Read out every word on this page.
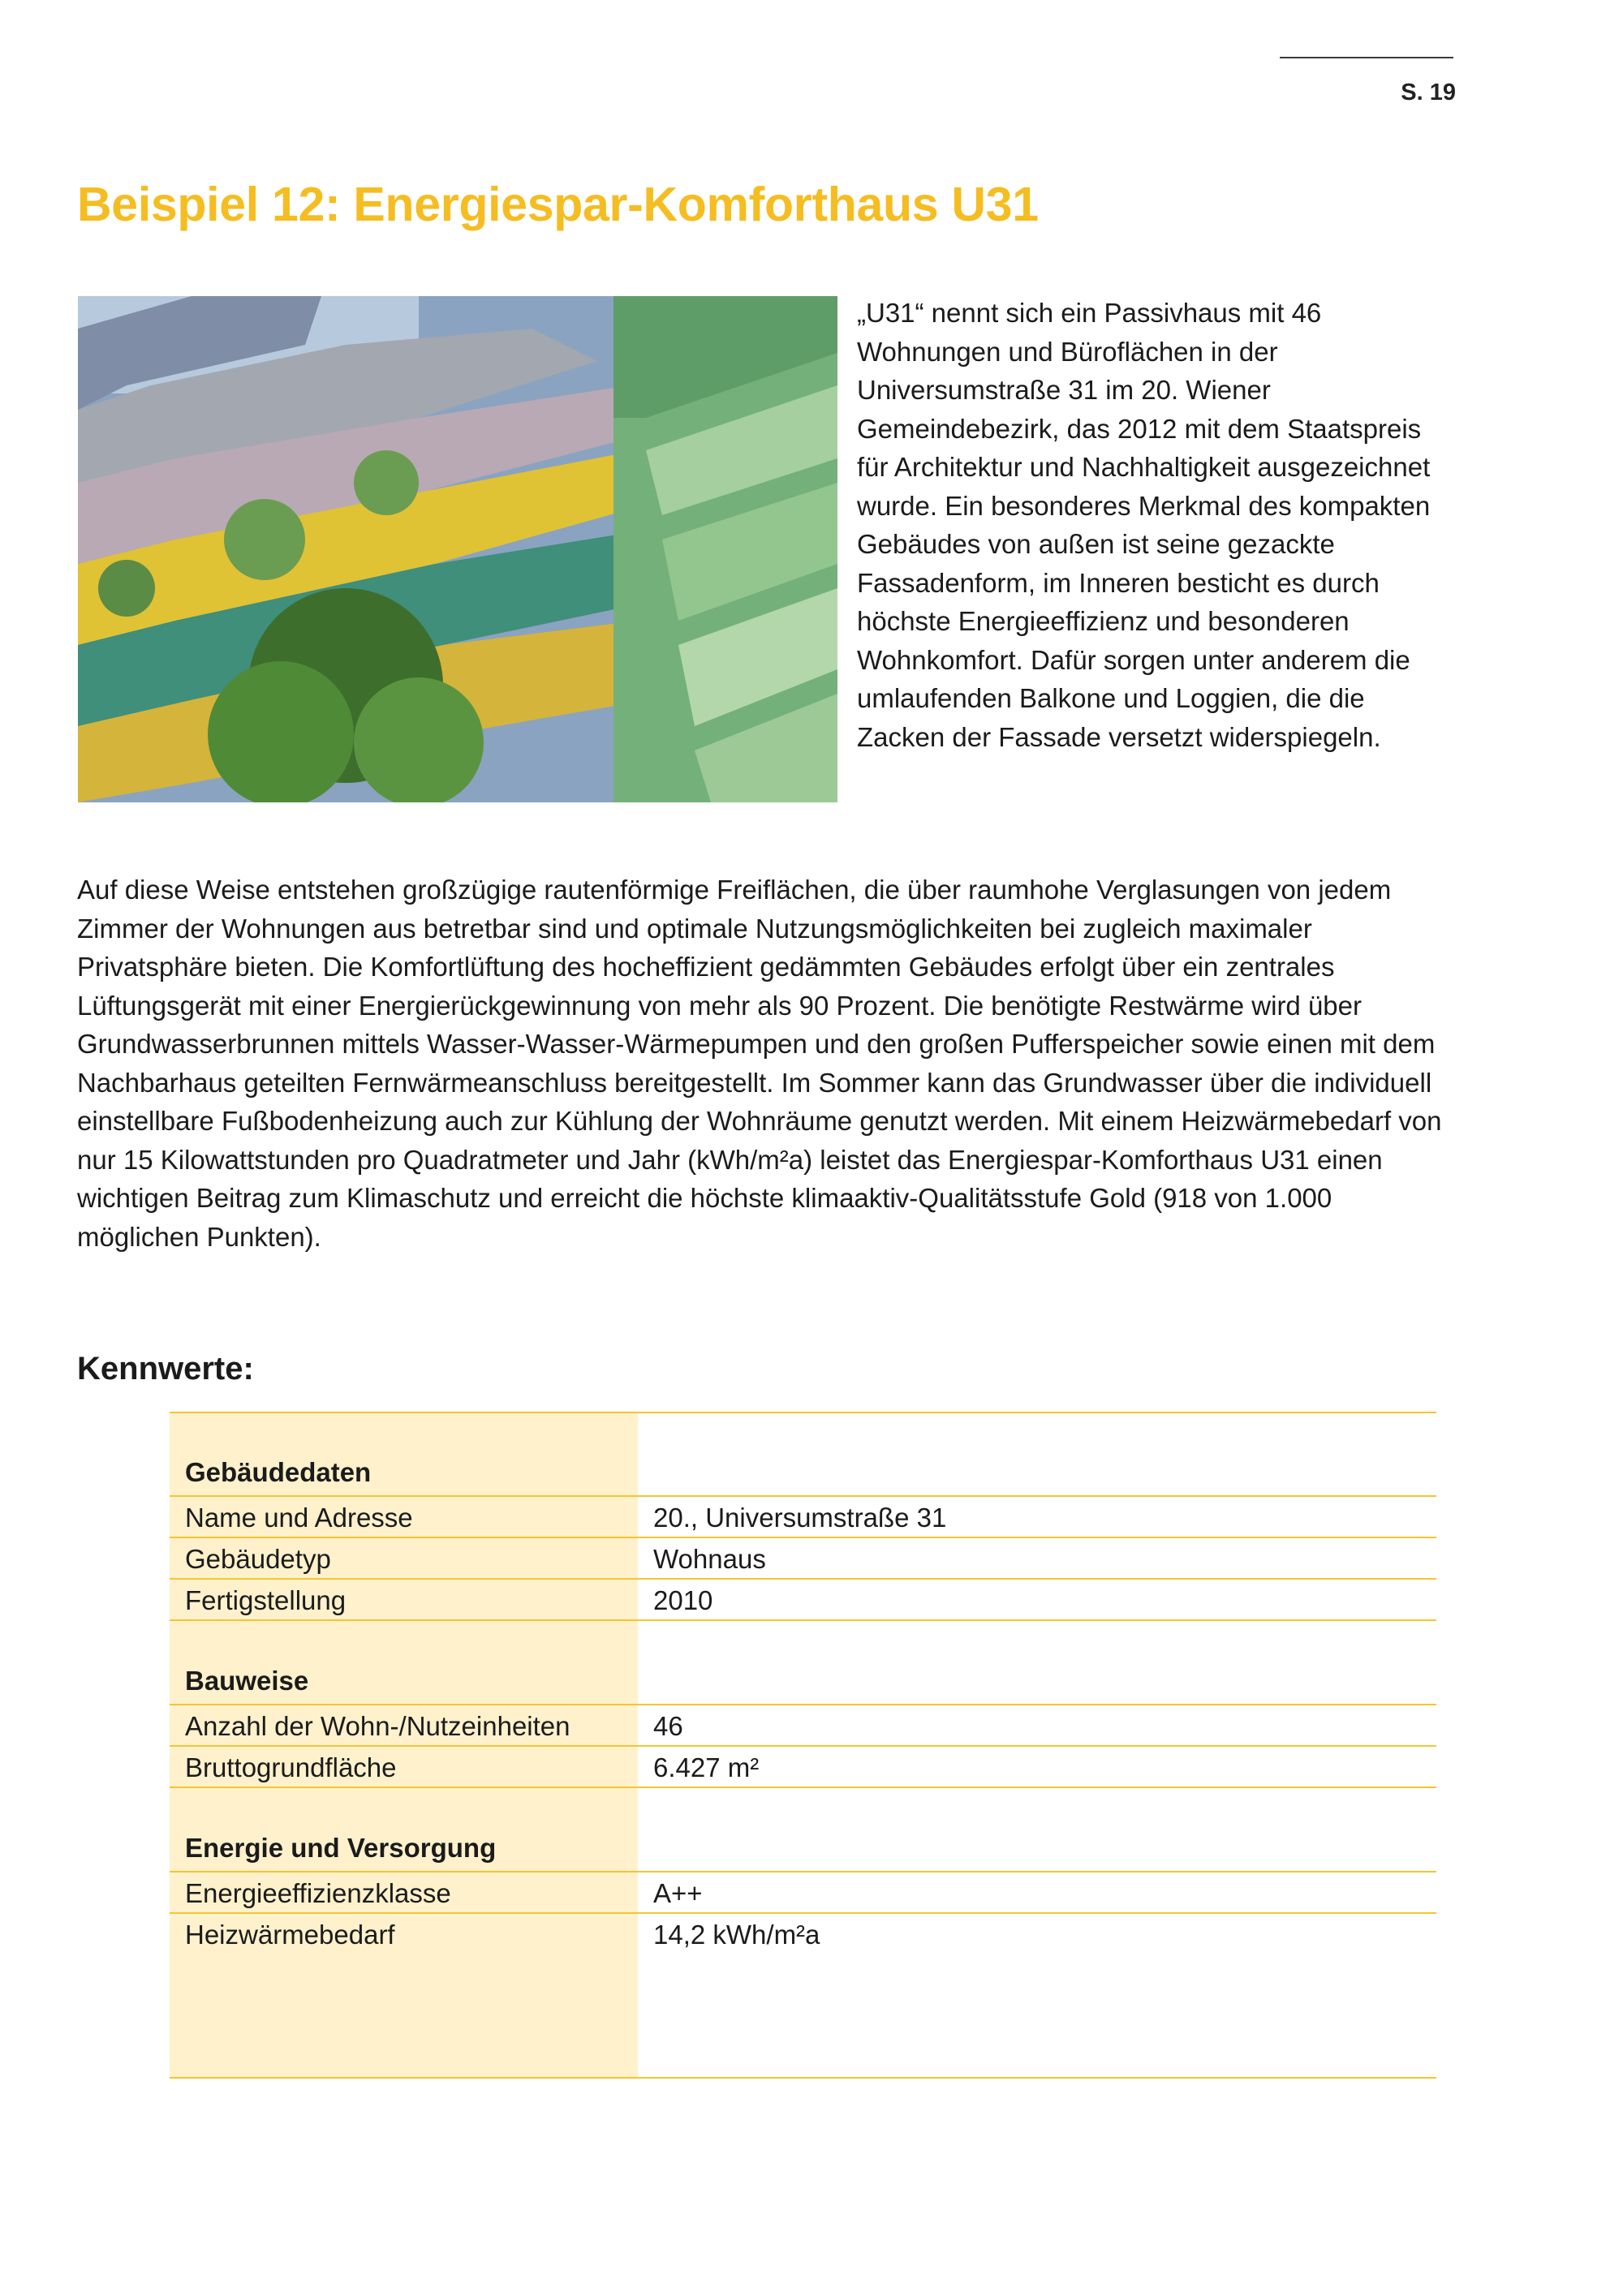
S. 19
Beispiel 12: Energiespar-Komforthaus U31

„U31“ nennt sich ein Passivhaus mit 46 Wohnungen und Büroflächen in der Universumstraße 31 im 20. Wiener Gemeindebezirk, das 2012 mit dem Staatspreis für Architektur und Nachhaltigkeit ausgezeichnet wurde. Ein besonderes Merkmal des kompakten Gebäudes von außen ist seine gezackte Fassadenform, im Inneren besticht es durch höchste Energieeffizienz und besonderen Wohnkomfort. Dafür sorgen unter anderem die umlaufenden Balkone und Loggien, die die Zacken der Fassade versetzt widerspiegeln.

Auf diese Weise entstehen großzügige rautenförmige Freiflächen, die über raumhohe Verglasungen von jedem Zimmer der Wohnungen aus betretbar sind und optimale Nutzungsmöglichkeiten bei zugleich maximaler Privatsphäre bieten. Die Komfortlüftung des hocheffizient gedämmten Gebäudes erfolgt über ein zentrales Lüftungsgerät mit einer Energierückgewinnung von mehr als 90 Prozent. Die benötigte Restwärme wird über Grundwasserbrunnen mittels Wasser-Wasser-Wärmepumpen und den großen Pufferspeicher sowie einen mit dem Nachbarhaus geteilten Fernwärmeanschluss bereitgestellt. Im Sommer kann das Grundwasser über die individuell einstellbare Fußbodenheizung auch zur Kühlung der Wohnräume genutzt werden. Mit einem Heizwärmebedarf von nur 15 Kilowattstunden pro Quadratmeter und Jahr (kWh/m²a) leistet das Energiespar-Komforthaus U31 einen wichtigen Beitrag zum Klimaschutz und erreicht die höchste klimaaktiv-Qualitätsstufe Gold (918 von 1.000 möglichen Punkten).

Kennwerte:
Gebäudedaten
Name und Adresse	20., Universumstraße 31
Gebäudetyp	Wohnaus
Fertigstellung	2010
Bauweise
Anzahl der Wohn-/Nutzeinheiten	46
Bruttogrundfläche	6.427 m²
Energie und Versorgung
Energieeffizienzklasse	A++
Heizwärmebedarf	14,2 kWh/m²a
